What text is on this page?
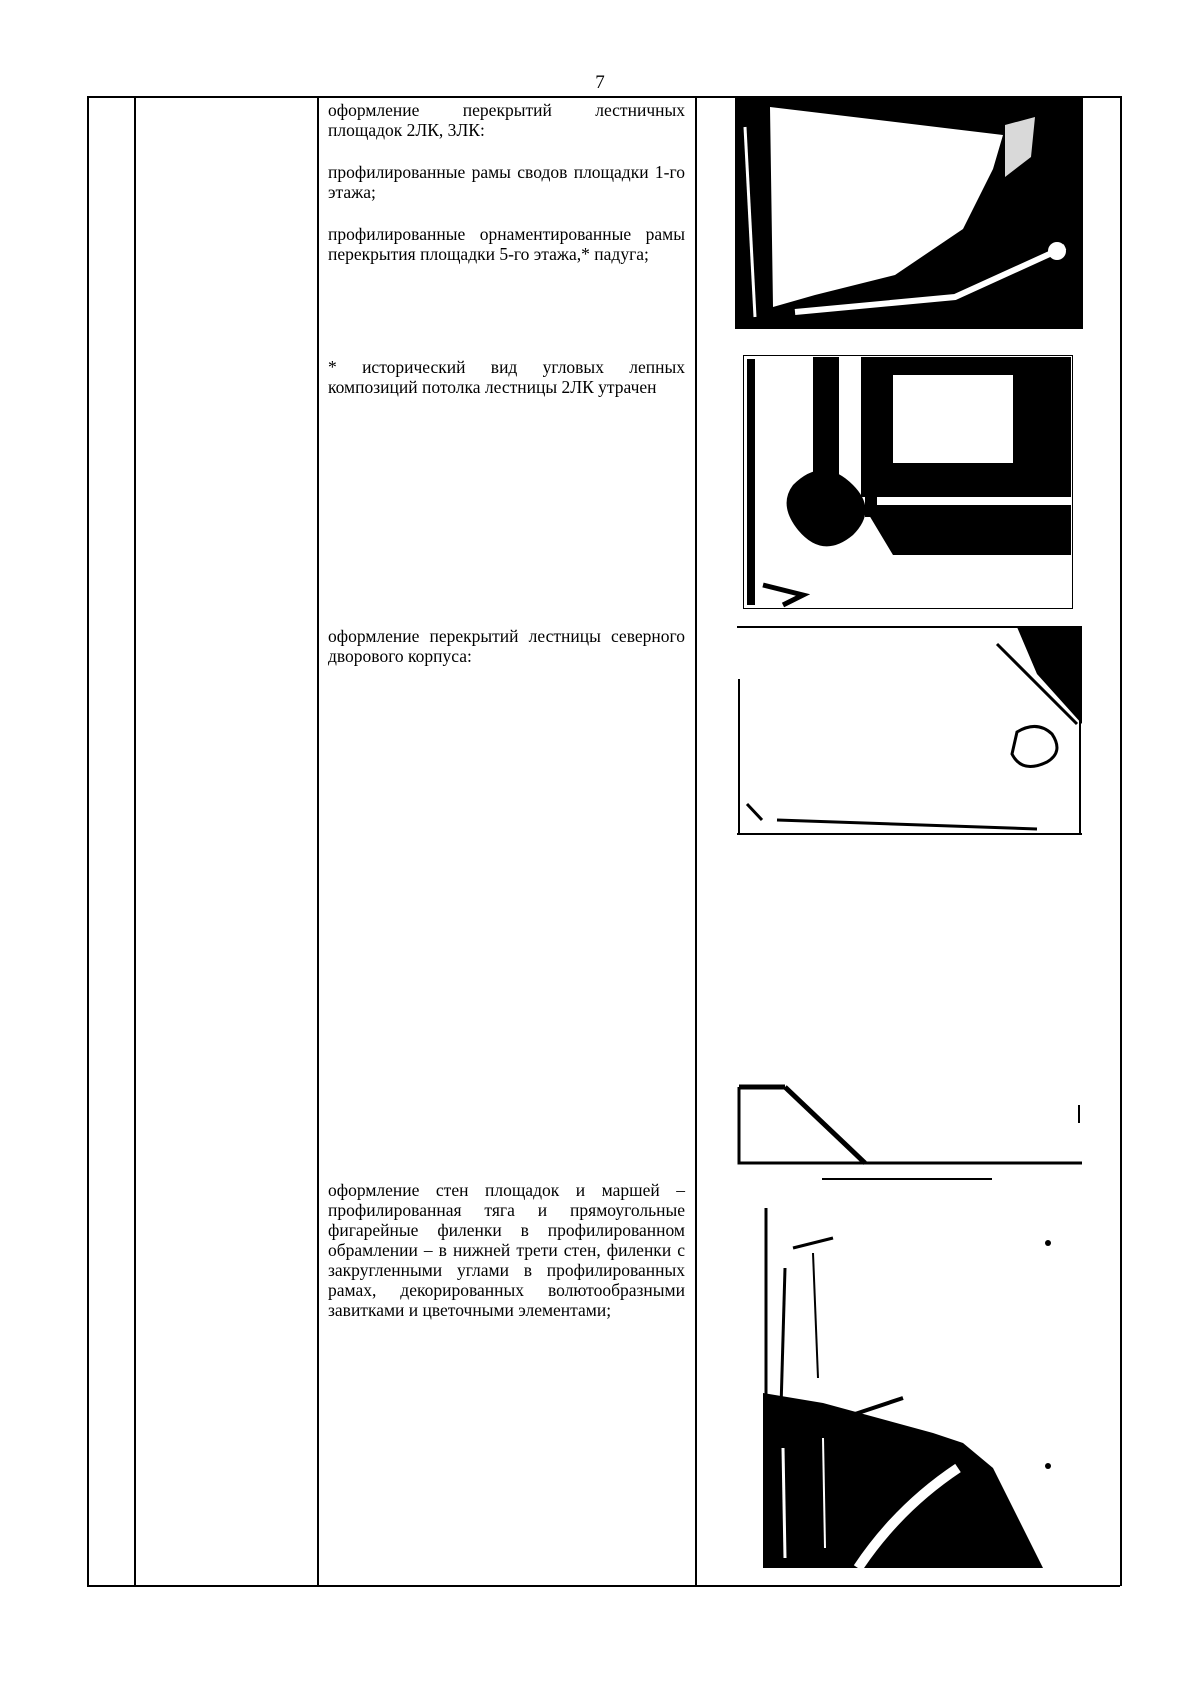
7

оформление перекрытий лестничных площадок 2ЛК, 3ЛК:

профилированные рамы сводов площадки 1-го этажа;

профилированные орнаментированные рамы перекрытия площадки 5-го этажа,* падуга;

* исторический вид угловых лепных композиций потолка лестницы 2ЛК утрачен

оформление перекрытий лестницы северного дворового корпуса:

оформление стен площадок и маршей – профилированная тяга и прямоугольные фигарейные филенки в профилированном обрамлении – в нижней трети стен, филенки с закругленными углами в профилированных рамах, декорированных волютообразными завитками и цветочными элементами;
